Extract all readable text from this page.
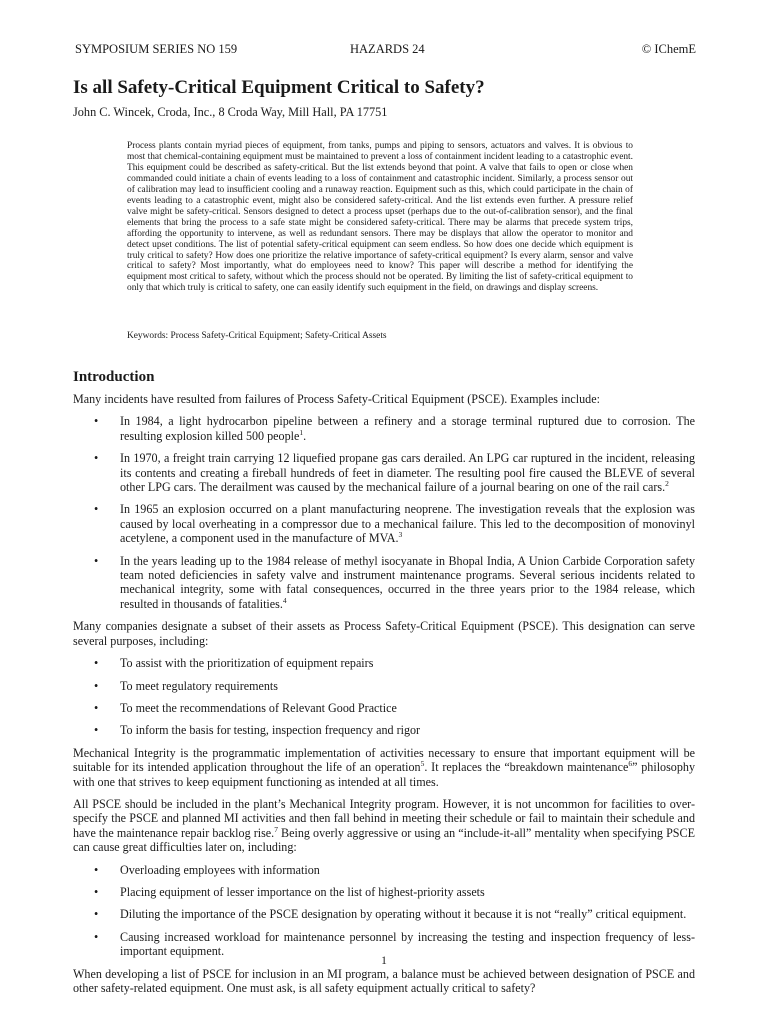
SYMPOSIUM SERIES NO 159	HAZARDS 24	© IChemE
Is all Safety-Critical Equipment Critical to Safety?
John C. Wincek, Croda, Inc., 8 Croda Way, Mill Hall, PA 17751

Process plants contain myriad pieces of equipment, from tanks, pumps and piping to sensors, actuators and valves. It is obvious to most that chemical-containing equipment must be maintained to prevent a loss of containment incident leading to a catastrophic event. This equipment could be described as safety-critical. But the list extends beyond that point. A valve that fails to open or close when commanded could initiate a chain of events leading to a loss of containment and catastrophic incident. Similarly, a process sensor out of calibration may lead to insufficient cooling and a runaway reaction. Equipment such as this, which could participate in the chain of events leading to a catastrophic event, might also be considered safety-critical. And the list extends even further. A pressure relief valve might be safety-critical. Sensors designed to detect a process upset (perhaps due to the out-of-calibration sensor), and the final elements that bring the process to a safe state might be considered safety-critical. There may be alarms that precede system trips, affording the opportunity to intervene, as well as redundant sensors. There may be displays that allow the operator to monitor and detect upset conditions. The list of potential safety-critical equipment can seem endless. So how does one decide which equipment is truly critical to safety? How does one prioritize the relative importance of safety-critical equipment? Is every alarm, sensor and valve critical to safety? Most importantly, what do employees need to know? This paper will describe a method for identifying the equipment most critical to safety, without which the process should not be operated. By limiting the list of safety-critical equipment to only that which truly is critical to safety, one can easily identify such equipment in the field, on drawings and display screens.

Keywords: Process Safety-Critical Equipment; Safety-Critical Assets
Introduction

Many incidents have resulted from failures of Process Safety-Critical Equipment (PSCE). Examples include:

• In 1984, a light hydrocarbon pipeline between a refinery and a storage terminal ruptured due to corrosion. The resulting explosion killed 500 people$^1$.
• In 1970, a freight train carrying 12 liquefied propane gas cars derailed. An LPG car ruptured in the incident, releasing its contents and creating a fireball hundreds of feet in diameter. The resulting pool fire caused the BLEVE of several other LPG cars. The derailment was caused by the mechanical failure of a journal bearing on one of the rail cars.$^2$
• In 1965 an explosion occurred on a plant manufacturing neoprene. The investigation reveals that the explosion was caused by local overheating in a compressor due to a mechanical failure. This led to the decomposition of monovinyl acetylene, a component used in the manufacture of MVA.$^3$
• In the years leading up to the 1984 release of methyl isocyanate in Bhopal India, A Union Carbide Corporation safety team noted deficiencies in safety valve and instrument maintenance programs. Several serious incidents related to mechanical integrity, some with fatal consequences, occurred in the three years prior to the 1984 release, which resulted in thousands of fatalities.$^4$

Many companies designate a subset of their assets as Process Safety-Critical Equipment (PSCE). This designation can serve several purposes, including:

• To assist with the prioritization of equipment repairs
• To meet regulatory requirements
• To meet the recommendations of Relevant Good Practice
• To inform the basis for testing, inspection frequency and rigor

Mechanical Integrity is the programmatic implementation of activities necessary to ensure that important equipment will be suitable for its intended application throughout the life of an operation$^5$. It replaces the “breakdown maintenance$^6$” philosophy with one that strives to keep equipment functioning as intended at all times.

All PSCE should be included in the plant’s Mechanical Integrity program. However, it is not uncommon for facilities to over-specify the PSCE and planned MI activities and then fall behind in meeting their schedule or fail to maintain their schedule and have the maintenance repair backlog rise.$^7$ Being overly aggressive or using an “include-it-all” mentality when specifying PSCE can cause great difficulties later on, including:

• Overloading employees with information
• Placing equipment of lesser importance on the list of highest-priority assets
• Diluting the importance of the PSCE designation by operating without it because it is not “really” critical equipment.
• Causing increased workload for maintenance personnel by increasing the testing and inspection frequency of less-important equipment.

When developing a list of PSCE for inclusion in an MI program, a balance must be achieved between designation of PSCE and other safety-related equipment. One must ask, is all safety equipment actually critical to safety?

1
